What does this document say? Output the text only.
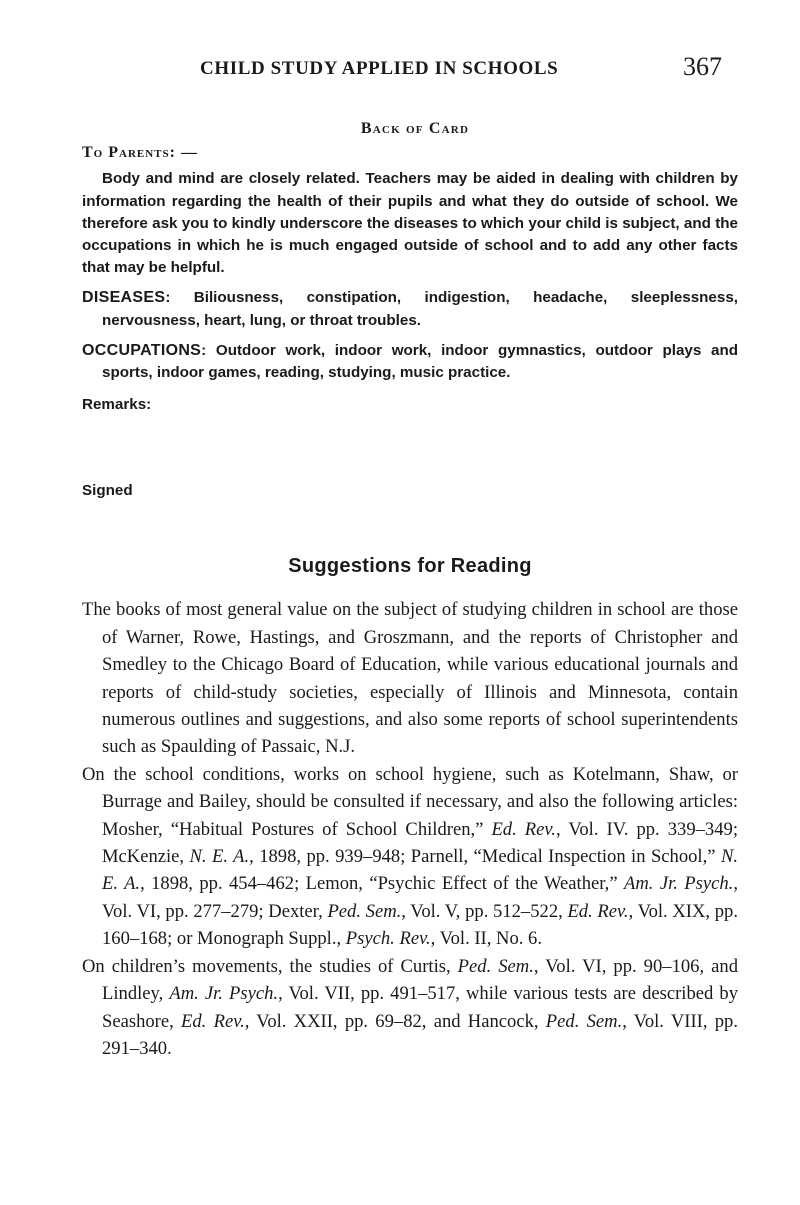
CHILD STUDY APPLIED IN SCHOOLS	367
Back of Card
To Parents: —

Body and mind are closely related. Teachers may be aided in dealing with children by information regarding the health of their pupils and what they do outside of school. We therefore ask you to kindly underscore the diseases to which your child is subject, and the occupations in which he is much engaged outside of school and to add any other facts that may be helpful.

DISEASES: Biliousness, constipation, indigestion, headache, sleeplessness, nervousness, heart, lung, or throat troubles.
OCCUPATIONS: Outdoor work, indoor work, indoor gymnastics, outdoor plays and sports, indoor games, reading, studying, music practice.
Remarks:
Signed
Suggestions for Reading

The books of most general value on the subject of studying children in school are those of Warner, Rowe, Hastings, and Groszmann, and the reports of Christopher and Smedley to the Chicago Board of Education, while various educational journals and reports of child-study societies, especially of Illinois and Minnesota, contain numerous outlines and suggestions, and also some reports of school superintendents such as Spaulding of Passaic, N.J.

On the school conditions, works on school hygiene, such as Kotelmann, Shaw, or Burrage and Bailey, should be consulted if necessary, and also the following articles: Mosher, “Habitual Postures of School Children,” Ed. Rev., Vol. IV. pp. 339–349; McKenzie, N. E. A., 1898, pp. 939–948; Parnell, “Medical Inspection in School,” N. E. A., 1898, pp. 454–462; Lemon, “Psychic Effect of the Weather,” Am. Jr. Psych., Vol. VI, pp. 277–279; Dexter, Ped. Sem., Vol. V, pp. 512–522, Ed. Rev., Vol. XIX, pp. 160–168; or Monograph Suppl., Psych. Rev., Vol. II, No. 6.

On children’s movements, the studies of Curtis, Ped. Sem., Vol. VI, pp. 90–106, and Lindley, Am. Jr. Psych., Vol. VII, pp. 491–517, while various tests are described by Seashore, Ed. Rev., Vol. XXII, pp. 69–82, and Hancock, Ped. Sem., Vol. VIII, pp. 291–340.
